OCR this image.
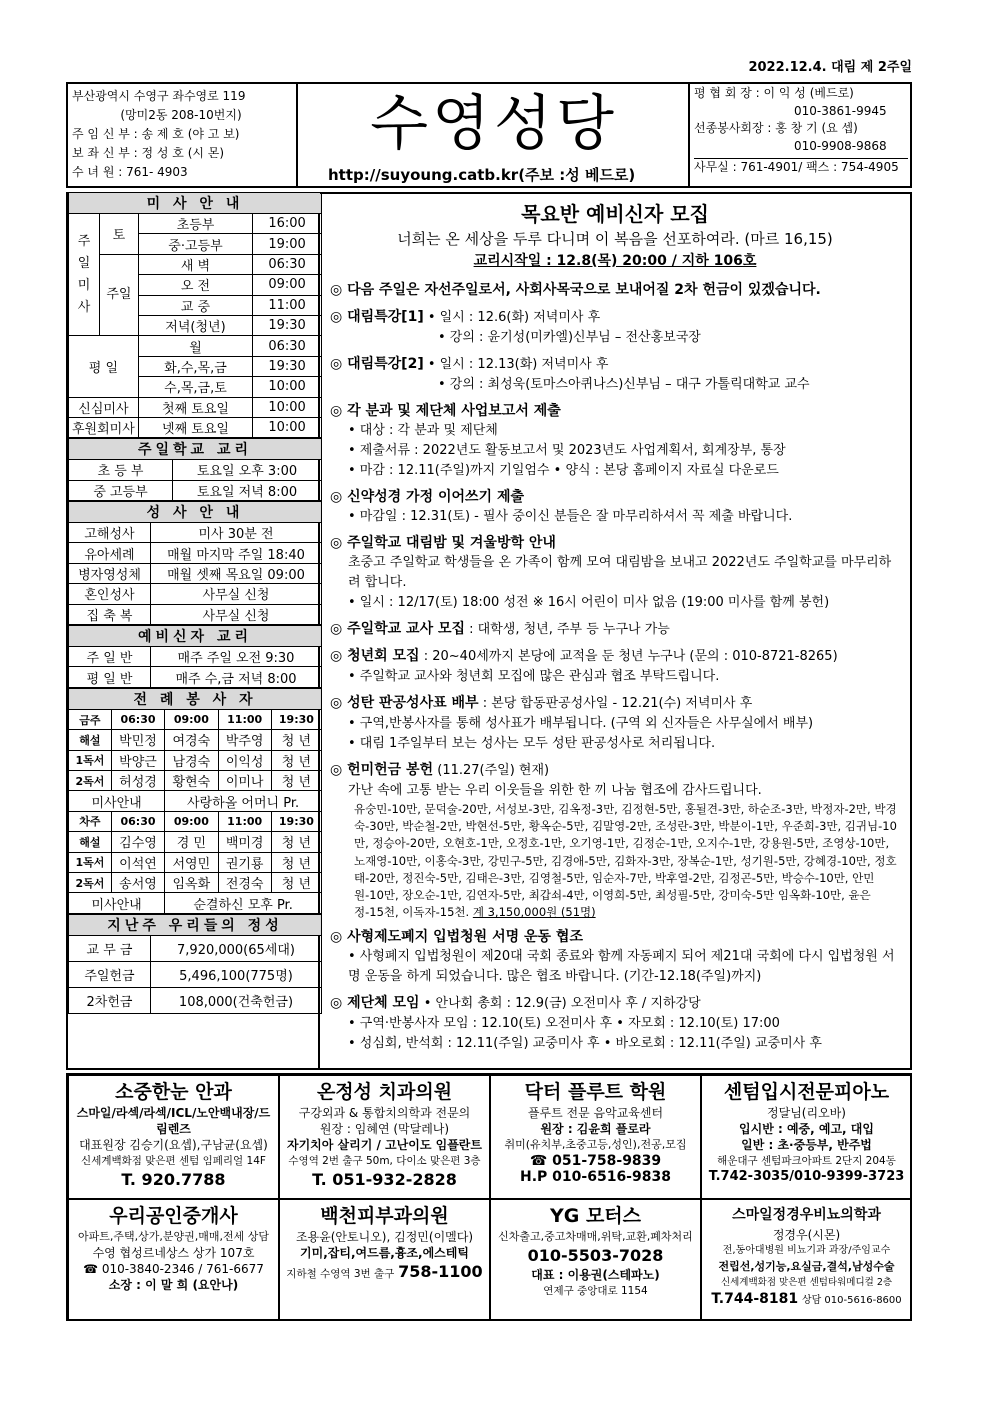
2022.12.4. 대림 제 2주일
부산광역시 수영구 좌수영로 119
(망미2동 208-10번지)
주 임 신 부 : 송 제 호 (야 고 보)
보 좌 신 부 : 정 성 호 (시 몬)
수 녀 원 : 761- 4903
수영성당
http://suyoung.catb.kr(주보 :성 베드로)
평 협 회 장 : 이 익 성 (베드로)
010-3861-9945
선종봉사회장 : 홍 창 기 (요 셉)
010-9908-9868
사무실 : 761-4901/ 팩스 : 754-4905
미 사 안 내			
주일미사	토	초등부	16:00
		중·고등부	19:00
	주일	새 벽	06:30
		오 전	09:00
		교 중	11:00
		저녁(청년)	19:30
평 일		월	06:30
		화,수,목,금	19:30
		수,목,금,토	10:00
신심미사		첫째 토요일	10:00
후원회미사		넷째 토요일	10:00
주일학교 교리	
초 등 부	토요일 오후 3:00
중 고등부	토요일 저녁 8:00
성 사 안 내	
고해성사	미사 30분 전
유아세례	매월 마지막 주일 18:40
병자영성체	매월 셋째 목요일 09:00
혼인성사	사무실 신청
집 축 복	사무실 신청
예비신자 교리	
주 일 반	매주 주일 오전 9:30
평 일 반	매주 수,금 저녁 8:00
전 례 봉 사 자				
금주	06:30	09:00	11:00	19:30
해설	박민정	여경숙	박주영	청 년
1독서	박양근	남경숙	이익성	청 년
2독서	허성경	황현숙	이미나	청 년
미사안내		사랑하올 어머니 Pr.		
차주	06:30	09:00	11:00	19:30
해설	김수영	경 민	백미경	청 년
1독서	이석연	서영민	권기룡	청 년
2독서	송서영	임옥화	전경숙	청 년
미사안내		순결하신 모후 Pr.		
지난주 우리들의 정성	
교 무 금	7,920,000(65세대)
주일헌금	5,496,100(775명)
2차헌금	108,000(건축헌금)
목요반 예비신자 모집
너희는 온 세상을 두루 다니며 이 복음을 선포하여라. (마르 16,15)
교리시작일 : 12.8(목) 20:00 / 지하 106호
◎ 다음 주일은 자선주일로서, 사회사목국으로 보내어질 2차 헌금이 있겠습니다.
◎ 대림특강[1] • 일시 : 12.6(화) 저녁미사 후
• 강의 : 윤기성(미카엘)신부님 – 전산홍보국장
◎ 대림특강[2] • 일시 : 12.13(화) 저녁미사 후
• 강의 : 최성욱(토마스아퀴나스)신부님 – 대구 가톨릭대학교 교수
◎ 각 분과 및 제단체 사업보고서 제출
• 대상 : 각 분과 및 제단체
• 제출서류 : 2022년도 활동보고서 및 2023년도 사업계획서, 회계장부, 통장
• 마감 : 12.11(주일)까지 기일엄수 • 양식 : 본당 홈페이지 자료실 다운로드
◎ 신약성경 가정 이어쓰기 제출
• 마감일 : 12.31(토) - 필사 중이신 분들은 잘 마무리하셔서 꼭 제출 바랍니다.
◎ 주일학교 대림밤 및 겨울방학 안내
초중고 주일학교 학생들을 온 가족이 함께 모여 대림밤을 보내고 2022년도 주일학교를 마무리하려 합니다.
• 일시 : 12/17(토) 18:00 성전 ※ 16시 어린이 미사 없음 (19:00 미사를 함께 봉헌)
◎ 주일학교 교사 모집 : 대학생, 청년, 주부 등 누구나 가능
◎ 청년회 모집 : 20~40세까지 본당에 교적을 둔 청년 누구나 (문의 : 010-8721-8265)
• 주일학교 교사와 청년회 모집에 많은 관심과 협조 부탁드립니다.
◎ 성탄 판공성사표 배부 : 본당 합동판공성사일 - 12.21(수) 저녁미사 후
• 구역,반봉사자를 통해 성사표가 배부됩니다. (구역 외 신자들은 사무실에서 배부)
• 대림 1주일부터 보는 성사는 모두 성탄 판공성사로 처리됩니다.
◎ 헌미헌금 봉헌 (11.27(주일) 현재)
가난 속에 고통 받는 우리 이웃들을 위한 한 끼 나눔 협조에 감사드립니다.
유숭민-10만, 문덕술-20만, 서성보-3만, 김옥정-3만, 김정현-5만, 홍될견-3만, 하순조-3만, 박정자-2만, 박경숙-30만, 박순철-2만, 박현선-5만, 황옥순-5만, 김말영-2만, 조성란-3만, 박분이-1만, 우준희-3만, 김귀님-10만, 정승아-20만, 오현호-1만, 오정호-1만, 오기영-1만, 김정순-1만, 오지수-1만, 강용원-5만, 조영상-10만, 노재영-10만, 이홍숙-3만, 강민구-5만, 김경애-5만, 김화자-3만, 장복순-1만, 성기원-5만, 강혜경-10만, 정호태-20만, 정진숙-5만, 김태은-3만, 김영철-5만, 임순자-7만, 박후열-2만, 김정곤-5만, 박승수-10만, 안민원-10만, 장오순-1만, 김연자-5만, 최갑쇠-4만, 이영희-5만, 최성필-5만, 강미숙-5만 임옥화-10만, 윤은정-15천, 이독자-15천. 계 3,150,000원 (51명)
◎ 사형제도폐지 입법청원 서명 운동 협조
• 사형폐지 입법청원이 제20대 국회 종료와 함께 자동폐지 되어 제21대 국회에 다시 입법청원 서명 운동을 하게 되었습니다. 많은 협조 바랍니다. (기간-12.18(주일)까지)
◎ 제단체 모임 • 안나회 총회 : 12.9(금) 오전미사 후 / 지하강당
• 구역·반봉사자 모임 : 12.10(토) 오전미사 후 • 자모회 : 12.10(토) 17:00
• 성심회, 반석회 : 12.11(주일) 교중미사 후 • 바오로회 : 12.11(주일) 교중미사 후
소중한눈 안과
스마일/라섹/라섹/ICL/노안백내장/드림렌즈
대표원장 김승기(요셉),구남균(요셉)
신세계백화점 맞은편 센텀 임페리얼 14F
T. 920.7788
온정성 치과의원
구강외과 & 통합치의학과 전문의
원장 : 임혜연 (막달레나)
자기치아 살리기 / 고난이도 임플란트
수영역 2번 출구 50m, 다이소 맞은편 3층
T. 051-932-2828
닥터 플루트 학원
플루트 전문 음악교육센터
원장 : 김윤희 플로라
취미(유치부,초중고등,성인),전공,모집
☎ 051-758-9839
H.P 010-6516-9838
센텀입시전문피아노
정달님(리오바)
입시반 : 예중, 예고, 대입
일반 : 초·중등부, 반주법
해운대구 센텀파크아파트 2단지 204동
T.742-3035/010-9399-3723
우리공인중개사
아파트,주택,상가,분양권,매매,전세 상담
수영 협성르네상스 상가 107호
☎ 010-3840-2346 / 761-6677
소장 : 이 말 희 (요안나)
백천피부과의원
조용윤(안토니오), 김정민(이멜다)
기미,잡티,여드름,흉조,에스테틱
지하철 수영역 3번 출구 758-1100
YG 모터스
신차출고,중고차매매,위탁,교환,폐차처리
010-5503-7028
대표 : 이용권(스테파노)
연제구 중앙대로 1154
스마일정경우비뇨의학과
정경우(시몬)
전,동아대병원 비뇨기과 과장/주임교수
전립선,성기능,요실금,결석,남성수술
신세계백화점 맞은편 센텀타워메디컬 2층
T.744-8181 상담 010-5616-8600
